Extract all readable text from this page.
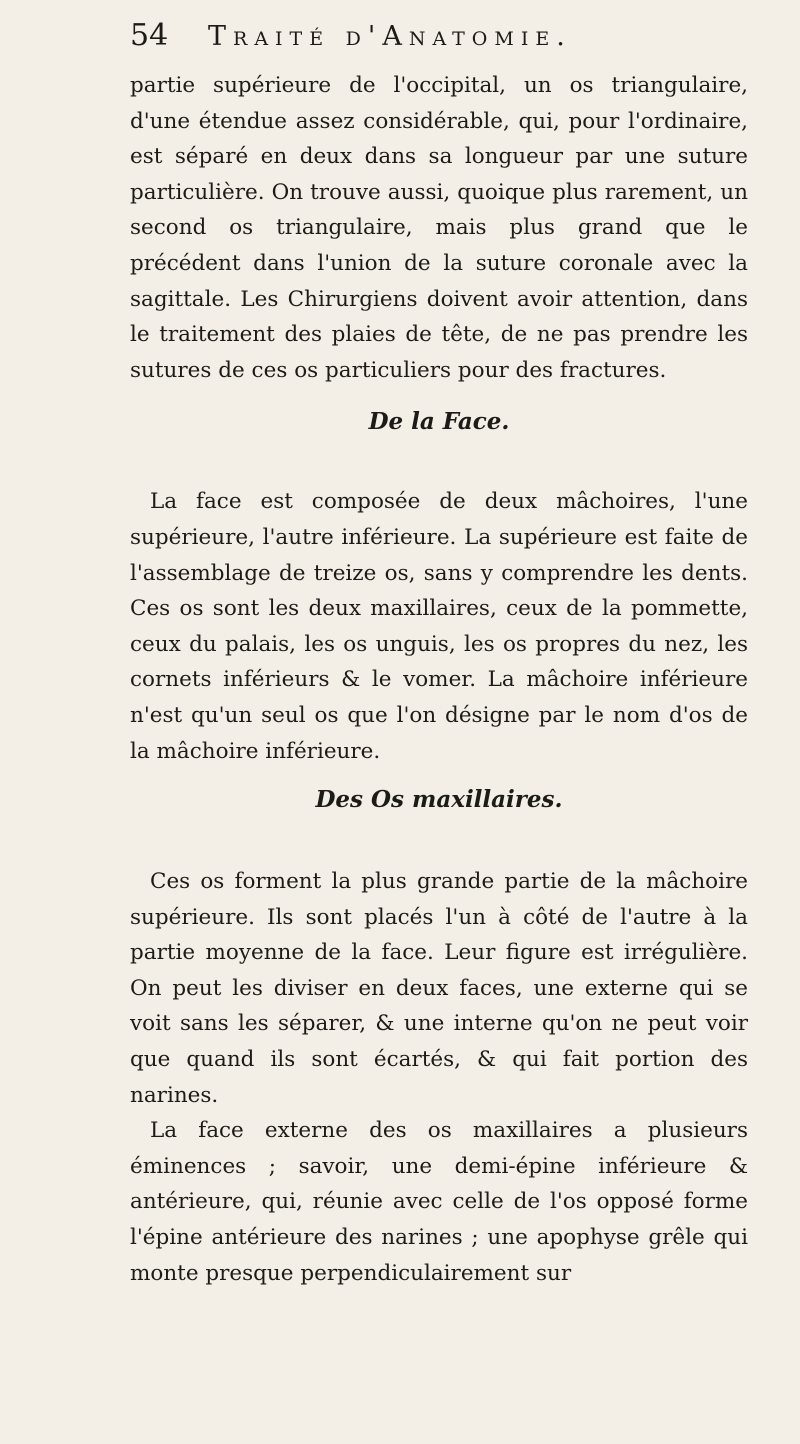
54	Traité d'Anatomie.

partie supérieure de l'occipital, un os triangulaire, d'une étendue assez considérable, qui, pour l'ordinaire, est séparé en deux dans sa longueur par une suture particulière. On trouve aussi, quoique plus rarement, un second os triangulaire, mais plus grand que le précédent dans l'union de la suture coronale avec la sagittale. Les Chirurgiens doivent avoir attention, dans le traitement des plaies de tête, de ne pas prendre les sutures de ces os particuliers pour des fractures.

De la Face.

La face est composée de deux mâchoires, l'une supérieure, l'autre inférieure. La supérieure est faite de l'assemblage de treize os, sans y comprendre les dents. Ces os sont les deux maxillaires, ceux de la pommette, ceux du palais, les os unguis, les os propres du nez, les cornets inférieurs & le vomer. La mâchoire inférieure n'est qu'un seul os que l'on désigne par le nom d'os de la mâchoire inférieure.

Des Os maxillaires.

Ces os forment la plus grande partie de la mâchoire supérieure. Ils sont placés l'un à côté de l'autre à la partie moyenne de la face. Leur figure est irrégulière. On peut les diviser en deux faces, une externe qui se voit sans les séparer, & une interne qu'on ne peut voir que quand ils sont écartés, & qui fait portion des narines.

La face externe des os maxillaires a plusieurs éminences ; savoir, une demi-épine inférieure & antérieure, qui, réunie avec celle de l'os opposé forme l'épine antérieure des narines ; une apophyse grêle qui monte presque perpendiculairement sur
